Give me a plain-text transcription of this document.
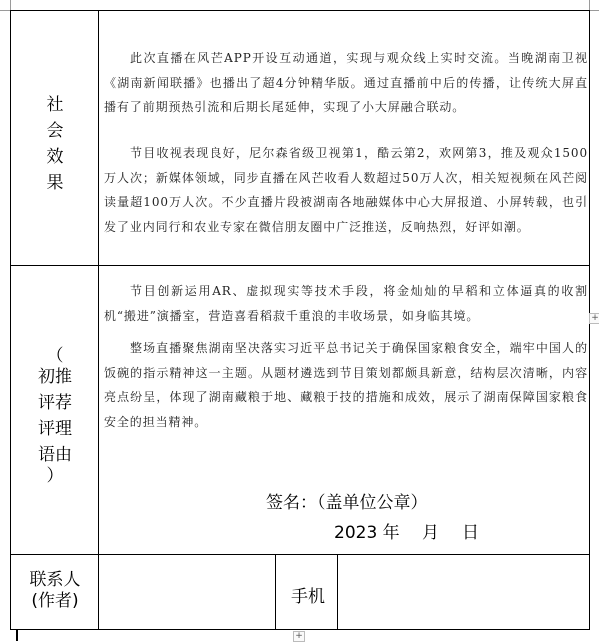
社
会
效
果

此次直播在风芒APP开设互动通道，实现与观众线上实时交流。当晚湖南卫视《湖南新闻联播》也播出了超4分钟精华版。通过直播前中后的传播，让传统大屏直播有了前期预热引流和后期长尾延伸，实现了小大屏融合联动。

节目收视表现良好，尼尔森省级卫视第1，酷云第2，欢网第3，推及观众1500万人次；新媒体领域，同步直播在风芒收看人数超过50万人次，相关短视频在风芒阅读量超100万人次。不少直播片段被湖南各地融媒体中心大屏报道、小屏转载，也引发了业内同行和农业专家在微信朋友圈中广泛推送，反响热烈，好评如潮。

（
初推
评荐
评理
语由
）

节目创新运用AR、虚拟现实等技术手段，将金灿灿的早稻和立体逼真的收割机“搬进”演播室，营造喜看稻菽千重浪的丰收场景，如身临其境。

整场直播聚焦湖南坚决落实习近平总书记关于确保国家粮食安全，端牢中国人的饭碗的指示精神这一主题。从题材遴选到节目策划都颇具新意，结构层次清晰，内容亮点纷呈，体现了湖南藏粮于地、藏粮于技的措施和成效，展示了湖南保障国家粮食安全的担当精神。

签名：（盖单位公章）
2023 年 月 日
联系人
(作者)	手机
+
+
